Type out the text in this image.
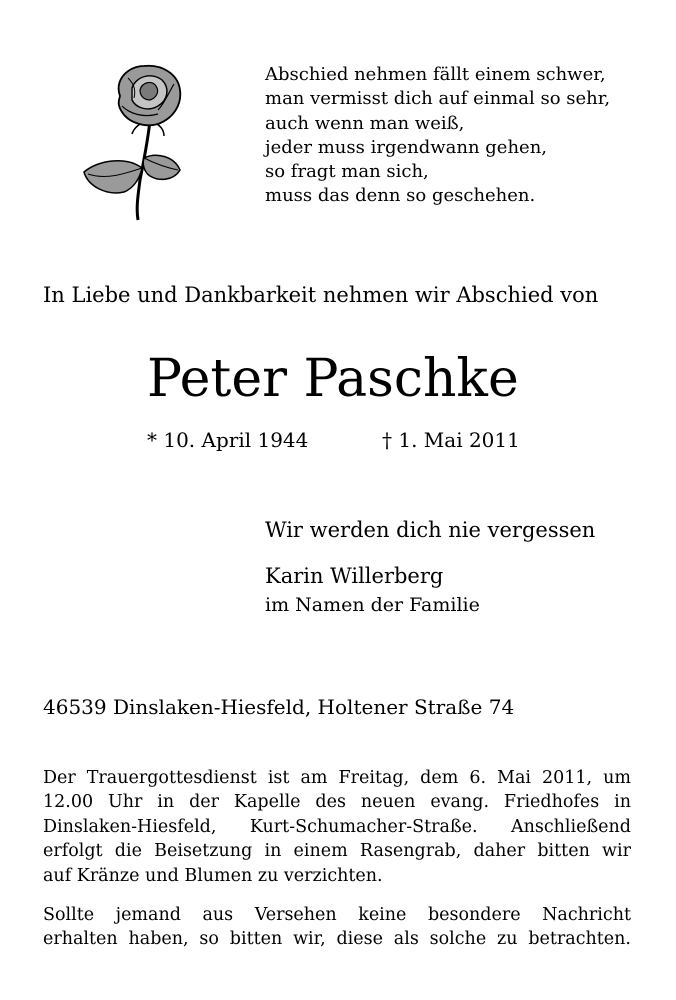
Abschied nehmen fällt einem schwer,
man vermisst dich auf einmal so sehr,
auch wenn man weiß,
jeder muss irgendwann gehen,
so fragt man sich,
muss das denn so geschehen.
In Liebe und Dankbarkeit nehmen wir Abschied von
Peter Paschke
* 10. April 1944	† 1. Mai 2011
Wir werden dich nie vergessen
Karin Willerberg
im Namen der Familie
46539 Dinslaken-Hiesfeld, Holtener Straße 74
Der Trauergottesdienst ist am Freitag, dem 6. Mai 2011, um
12.00 Uhr in der Kapelle des neuen evang. Friedhofes in
Dinslaken-Hiesfeld, Kurt-Schumacher-Straße. Anschließend
erfolgt die Beisetzung in einem Rasengrab, daher bitten wir
auf Kränze und Blumen zu verzichten.
Sollte jemand aus Versehen keine besondere Nachricht
erhalten haben, so bitten wir, diese als solche zu betrachten.
